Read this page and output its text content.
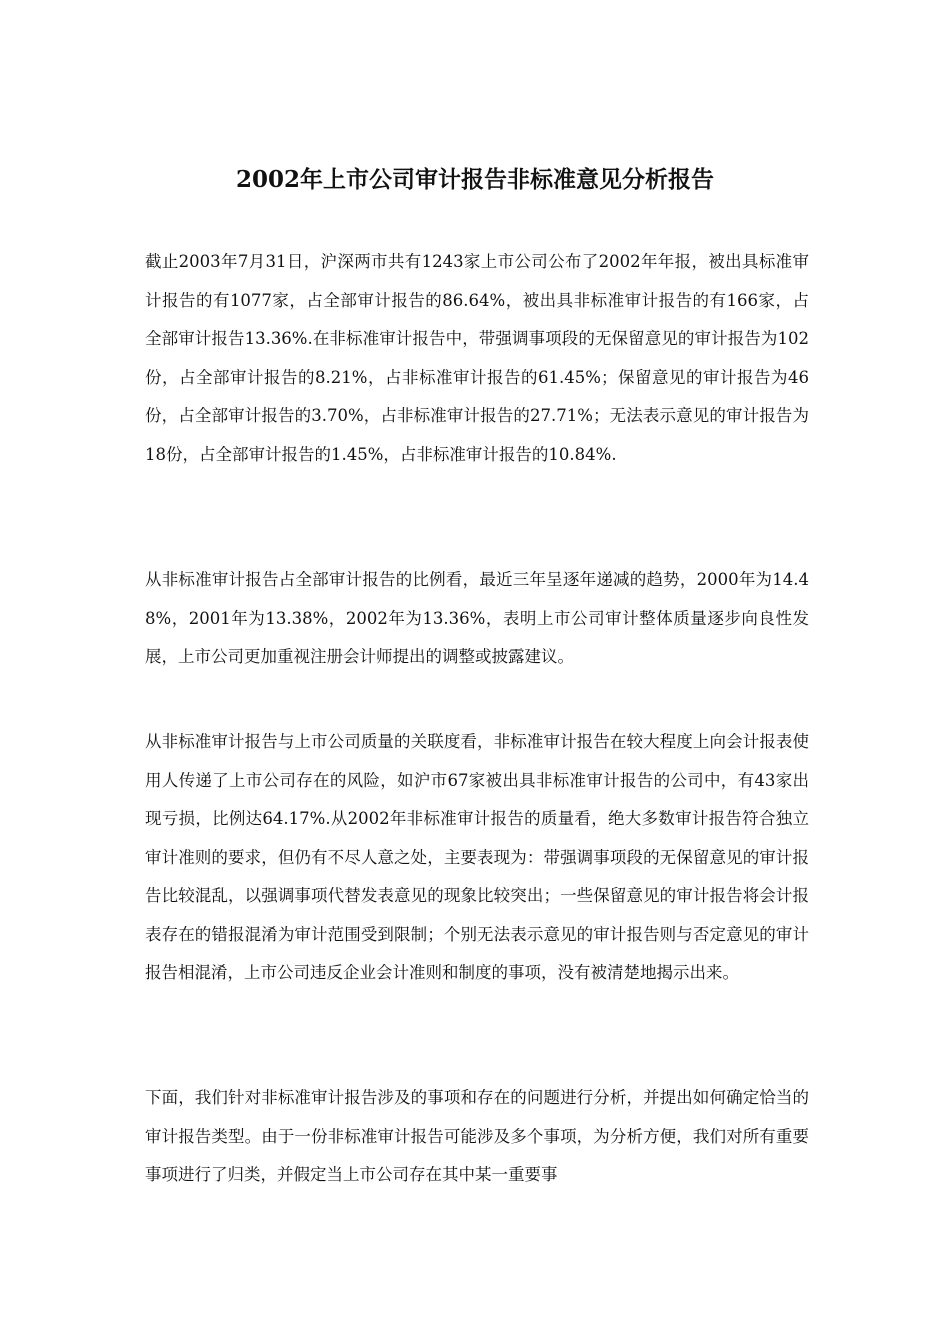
2002年上市公司审计报告非标准意见分析报告

截止2003年7月31日，沪深两市共有1243家上市公司公布了2002年年报，被出具标准审计报告的有1077家，占全部审计报告的86.64%，被出具非标准审计报告的有166家，占全部审计报告13.36%.在非标准审计报告中，带强调事项段的无保留意见的审计报告为102份，占全部审计报告的8.21%，占非标准审计报告的61.45%；保留意见的审计报告为46份，占全部审计报告的3.70%，占非标准审计报告的27.71%；无法表示意见的审计报告为18份，占全部审计报告的1.45%，占非标准审计报告的10.84%.

从非标准审计报告占全部审计报告的比例看，最近三年呈逐年递减的趋势，2000年为14.48%，2001年为13.38%，2002年为13.36%，表明上市公司审计整体质量逐步向良性发展，上市公司更加重视注册会计师提出的调整或披露建议。

从非标准审计报告与上市公司质量的关联度看，非标准审计报告在较大程度上向会计报表使用人传递了上市公司存在的风险，如沪市67家被出具非标准审计报告的公司中，有43家出现亏损，比例达64.17%.从2002年非标准审计报告的质量看，绝大多数审计报告符合独立审计准则的要求，但仍有不尽人意之处，主要表现为：带强调事项段的无保留意见的审计报告比较混乱，以强调事项代替发表意见的现象比较突出；一些保留意见的审计报告将会计报表存在的错报混淆为审计范围受到限制；个别无法表示意见的审计报告则与否定意见的审计报告相混淆，上市公司违反企业会计准则和制度的事项，没有被清楚地揭示出来。

下面，我们针对非标准审计报告涉及的事项和存在的问题进行分析，并提出如何确定恰当的审计报告类型。由于一份非标准审计报告可能涉及多个事项，为分析方便，我们对所有重要事项进行了归类，并假定当上市公司存在其中某一重要事
